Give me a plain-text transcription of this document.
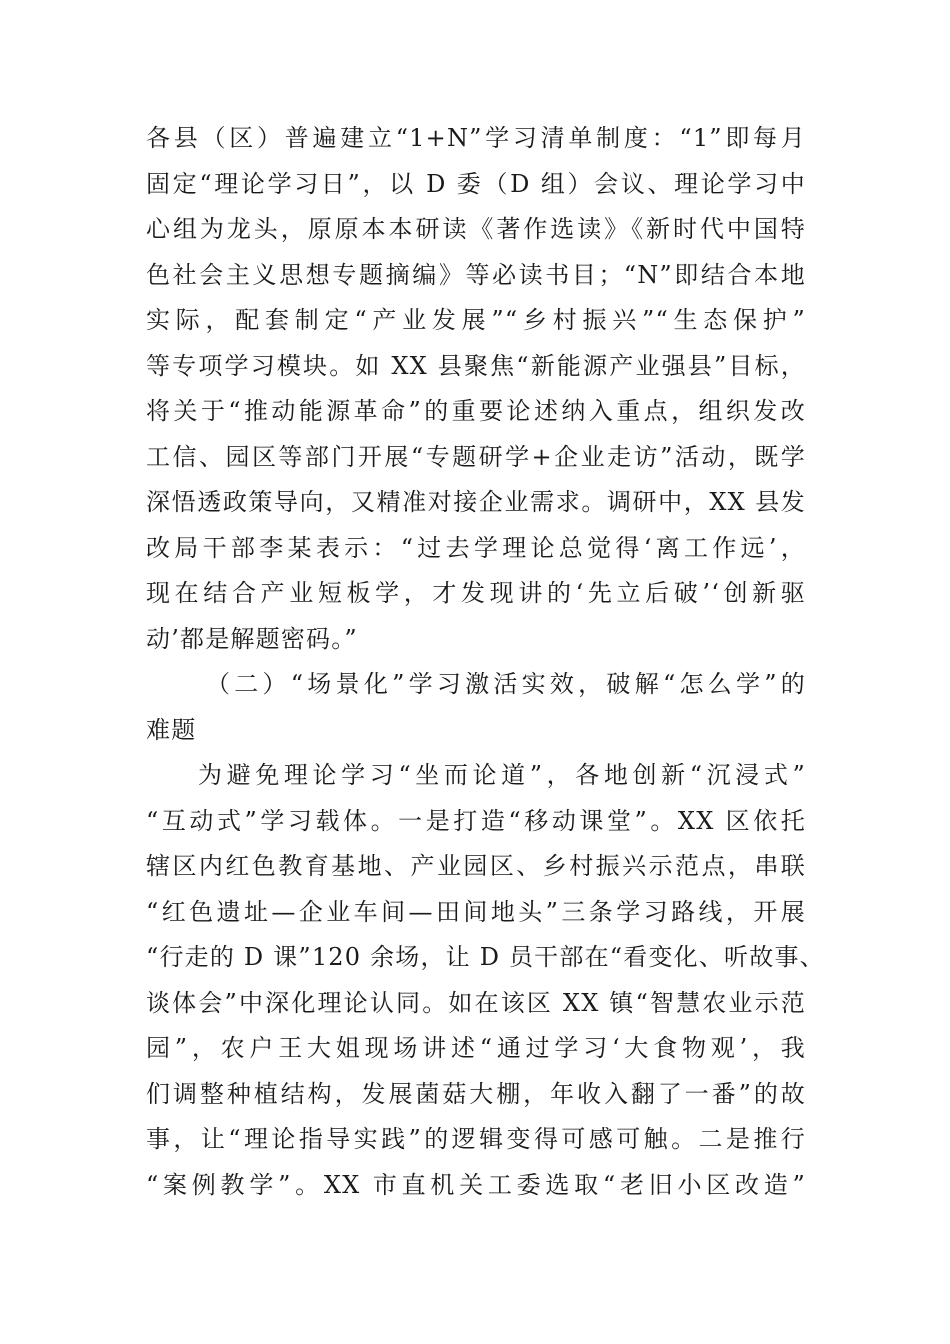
各县（区）普遍建立“1+N”学习清单制度：“1”即每月
固定“理论学习日”，以 D 委（D 组）会议、理论学习中
心组为龙头，原原本本研读《著作选读》《新时代中国特
色社会主义思想专题摘编》等必读书目；“N”即结合本地
实际，配套制定“产业发展”“乡村振兴”“生态保护”
等专项学习模块。如 XX 县聚焦“新能源产业强县”目标，
将关于“推动能源革命”的重要论述纳入重点，组织发改
工信、园区等部门开展“专题研学+企业走访”活动，既学
深悟透政策导向，又精准对接企业需求。调研中，XX 县发
改局干部李某表示：“过去学理论总觉得‘离工作远’，
现在结合产业短板学，才发现讲的‘先立后破’‘创新驱
动’都是解题密码。”
（二）“场景化”学习激活实效，破解“怎么学”的
难题
为避免理论学习“坐而论道”，各地创新“沉浸式”
“互动式”学习载体。一是打造“移动课堂”。XX 区依托
辖区内红色教育基地、产业园区、乡村振兴示范点，串联
“红色遗址—企业车间—田间地头”三条学习路线，开展
“行走的 D 课”120 余场，让 D 员干部在“看变化、听故事、
谈体会”中深化理论认同。如在该区 XX 镇“智慧农业示范
园”，农户王大姐现场讲述“通过学习‘大食物观’，我
们调整种植结构，发展菌菇大棚，年收入翻了一番”的故
事，让“理论指导实践”的逻辑变得可感可触。二是推行
“案例教学”。XX 市直机关工委选取“老旧小区改造”
